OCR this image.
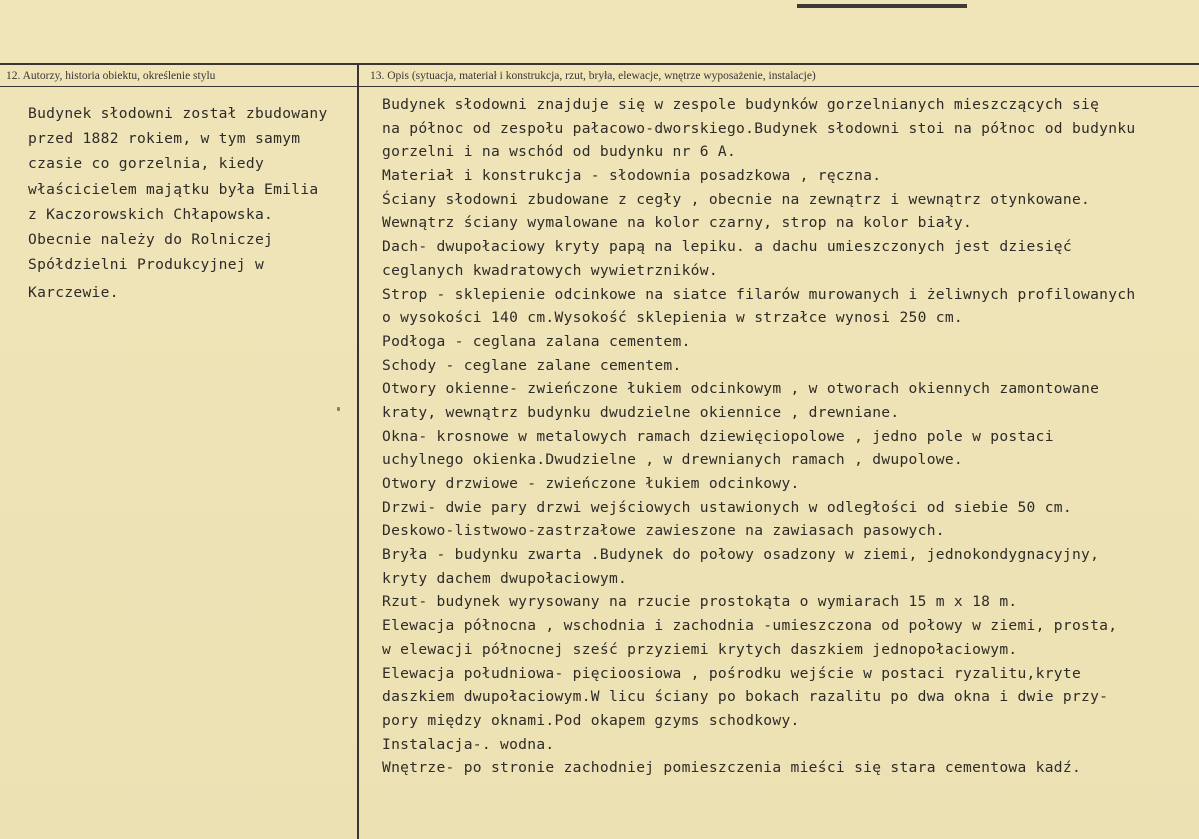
12. Autorzy, historia obiektu, określenie stylu	13. Opis (sytuacja, materiał i konstrukcja, rzut, bryła, elewacje, wnętrze wyposażenie, instalacje)
Budynek słodowni został zbudowany
przed 1882 rokiem, w tym samym
czasie co gorzelnia, kiedy
właścicielem majątku była Emilia
z Kaczorowskich Chłapowska.
Obecnie należy do Rolniczej
Spółdzielni Produkcyjnej w
Karczewie.
Budynek słodowni znajduje się w zespole budynków gorzelnianych mieszczących się
na północ od zespołu pałacowo-dworskiego.Budynek słodowni stoi na północ od budynku
gorzelni i na wschód od budynku nr 6 A.
Materiał i konstrukcja - słodownia posadzkowa , ręczna.
Ściany słodowni zbudowane z cegły , obecnie na zewnątrz i wewnątrz otynkowane.
Wewnątrz ściany wymalowane na kolor czarny, strop na kolor biały.
Dach- dwupołaciowy kryty papą na lepiku. a dachu umieszczonych jest dziesięć
ceglanych kwadratowych wywietrzników.
Strop - sklepienie odcinkowe na siatce filarów murowanych i żeliwnych profilowanych
o wysokości 140 cm.Wysokość sklepienia w strzałce wynosi 250 cm.
Podłoga - ceglana zalana cementem.
Schody - ceglane zalane cementem.
Otwory okienne- zwieńczone łukiem odcinkowym , w otworach okiennych zamontowane
kraty, wewnątrz budynku dwudzielne okiennice , drewniane.
Okna- krosnowe w metalowych ramach dziewięciopolowe , jedno pole w postaci
uchylnego okienka.Dwudzielne , w drewnianych ramach , dwupolowe.
Otwory drzwiowe - zwieńczone łukiem odcinkowy.
Drzwi- dwie pary drzwi wejściowych ustawionych w odległości od siebie 50 cm.
Deskowo-listwowo-zastrzałowe zawieszone na zawiasach pasowych.
Bryła - budynku zwarta .Budynek do połowy osadzony w ziemi, jednokondygnacyjny,
kryty dachem dwupołaciowym.
Rzut- budynek wyrysowany na rzucie prostokąta o wymiarach 15 m x 18 m.
Elewacja północna , wschodnia i zachodnia -umieszczona od połowy w ziemi, prosta,
w elewacji północnej sześć przyziemi krytych daszkiem jednopołaciowym.
Elewacja południowa- pięcioosiowa , pośrodku wejście w postaci ryzalitu,kryte
daszkiem dwupołaciowym.W licu ściany po bokach razalitu po dwa okna i dwie przy-
pory między oknami.Pod okapem gzyms schodkowy.
Instalacja-. wodna.
Wnętrze- po stronie zachodniej pomieszczenia mieści się stara cementowa kadź.
